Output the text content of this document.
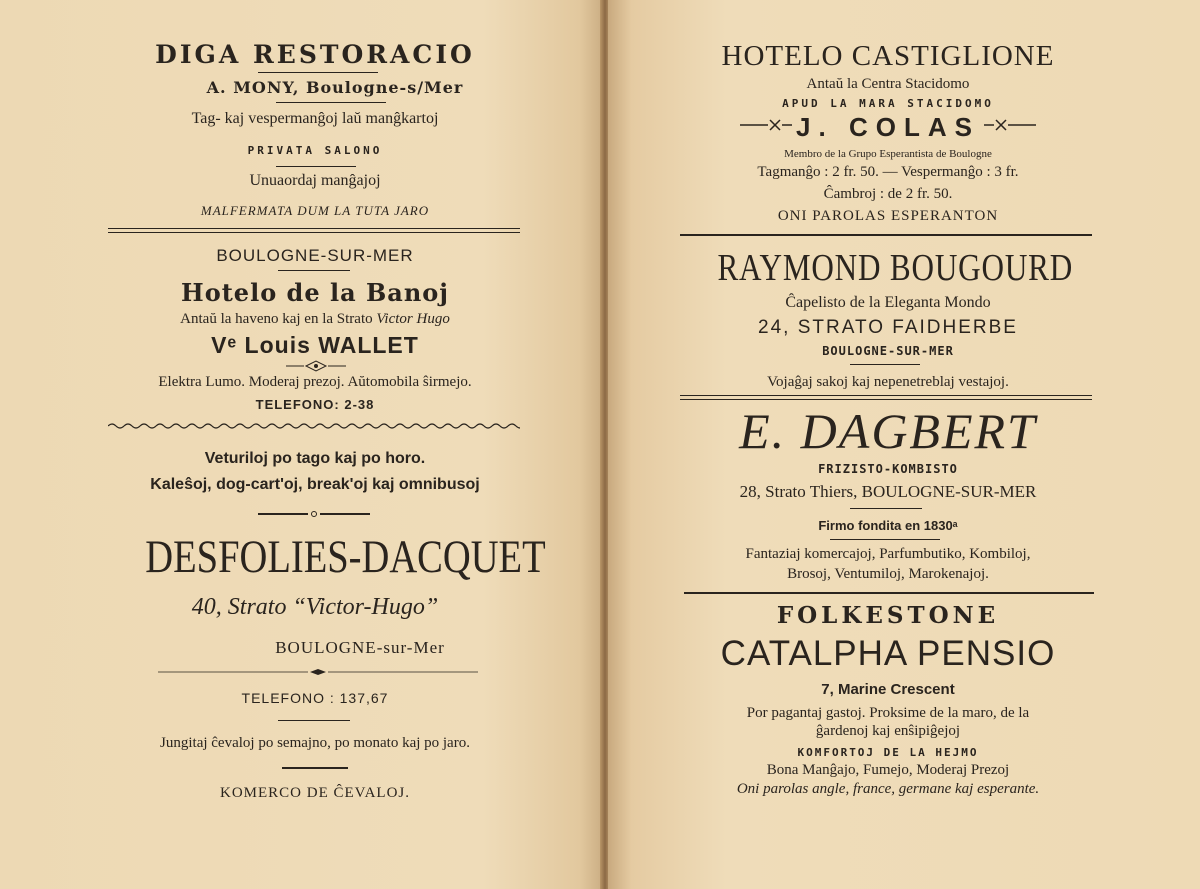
DIGA RESTORACIO
A. MONY, Boulogne-s/Mer
Tag- kaj vespermanĝoj laŭ manĝkartoj
PRIVATA SALONO
Unuaordaj manĝajoj
MALFERMATA DUM LA TUTA JARO
BOULOGNE-SUR-MER
Hotelo de la Banoj
Antaŭ la haveno kaj en la Strato Victor Hugo
Vᵉ Louis WALLET
Elektra Lumo. Moderaj prezoj. Aŭtomobila ŝirmejo.
TELEFONO: 2-38
Veturiloj po tago kaj po horo.
Kaleŝoj, dog-cart'oj, break'oj kaj omnibusoj
DESFOLIES-DACQUET
40, Strato “Victor-Hugo”
BOULOGNE-sur-Mer
TELEFONO : 137,67
Jungitaj ĉevaloj po semajno, po monato kaj po jaro.
KOMERCO DE ĈEVALOJ.
HOTELO CASTIGLIONE
Antaŭ la Centra Stacidomo
APUD LA MARA STACIDOMO
J. COLAS
Membro de la Grupo Esperantista de Boulogne
Tagmanĝo : 2 fr. 50. — Vespermanĝo : 3 fr.
Ĉambroj : de 2 fr. 50.
ONI PAROLAS ESPERANTON
RAYMOND BOUGOURD
Ĉapelisto de la Eleganta Mondo
24, STRATO FAIDHERBE
BOULOGNE-SUR-MER
Vojaĝaj sakoj kaj nepenetreblaj vestajoj.
E. DAGBERT
FRIZISTO-KOMBISTO
28, Strato Thiers, BOULOGNE-SUR-MER
Firmo fondita en 1830ᵃ
Fantaziaj komercajoj, Parfumbutiko, Kombiloj,
Brosoj, Ventumiloj, Marokenajoj.
FOLKESTONE
CATALPHA PENSIO
7, Marine Crescent
Por pagantaj gastoj. Proksime de la maro, de la
ĝardenoj kaj enŝipiĝejoj
KOMFORTOJ DE LA HEJMO
Bona Manĝajo, Fumejo, Moderaj Prezoj
Oni parolas angle, france, germane kaj esperante.
